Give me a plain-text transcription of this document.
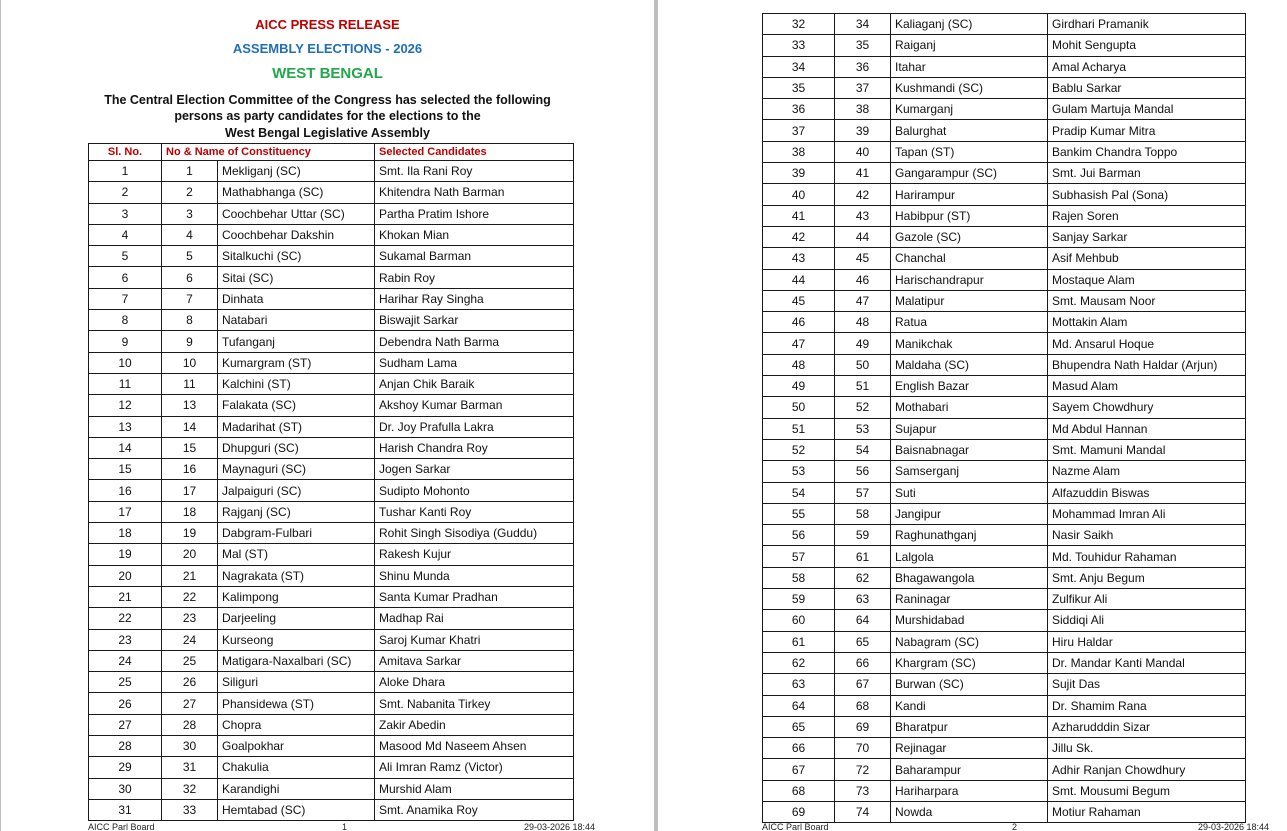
AICC PRESS RELEASE
ASSEMBLY ELECTIONS - 2026
WEST BENGAL
The Central Election Committee of the Congress has selected the following
persons as party candidates for the elections to the
West Bengal Legislative Assembly
Sl. No.	No & Name of Constituency		Selected Candidates
1	1	Mekliganj (SC)	Smt. Ila Rani Roy
2	2	Mathabhanga (SC)	Khitendra Nath Barman
3	3	Coochbehar Uttar (SC)	Partha Pratim Ishore
4	4	Coochbehar Dakshin	Khokan Mian
5	5	Sitalkuchi (SC)	Sukamal Barman
6	6	Sitai (SC)	Rabin Roy
7	7	Dinhata	Harihar Ray Singha
8	8	Natabari	Biswajit Sarkar
9	9	Tufanganj	Debendra Nath Barma
10	10	Kumargram (ST)	Sudham Lama
11	11	Kalchini (ST)	Anjan Chik Baraik
12	13	Falakata (SC)	Akshoy Kumar Barman
13	14	Madarihat (ST)	Dr. Joy Prafulla Lakra
14	15	Dhupguri (SC)	Harish Chandra Roy
15	16	Maynaguri (SC)	Jogen Sarkar
16	17	Jalpaiguri (SC)	Sudipto Mohonto
17	18	Rajganj (SC)	Tushar Kanti Roy
18	19	Dabgram-Fulbari	Rohit Singh Sisodiya (Guddu)
19	20	Mal (ST)	Rakesh Kujur
20	21	Nagrakata (ST)	Shinu Munda
21	22	Kalimpong	Santa Kumar Pradhan
22	23	Darjeeling	Madhap Rai
23	24	Kurseong	Saroj Kumar Khatri
24	25	Matigara-Naxalbari (SC)	Amitava Sarkar
25	26	Siliguri	Aloke Dhara
26	27	Phansidewa (ST)	Smt. Nabanita Tirkey
27	28	Chopra	Zakir Abedin
28	30	Goalpokhar	Masood Md Naseem Ahsen
29	31	Chakulia	Ali Imran Ramz (Victor)
30	32	Karandighi	Murshid Alam
31	33	Hemtabad (SC)	Smt. Anamika Roy
AICC Parl Board	1	29-03-2026 18:44
32	34	Kaliaganj (SC)	Girdhari Pramanik
33	35	Raiganj	Mohit Sengupta
34	36	Itahar	Amal Acharya
35	37	Kushmandi (SC)	Bablu Sarkar
36	38	Kumarganj	Gulam Martuja Mandal
37	39	Balurghat	Pradip Kumar Mitra
38	40	Tapan (ST)	Bankim Chandra Toppo
39	41	Gangarampur (SC)	Smt. Jui Barman
40	42	Harirampur	Subhasish Pal (Sona)
41	43	Habibpur (ST)	Rajen Soren
42	44	Gazole (SC)	Sanjay Sarkar
43	45	Chanchal	Asif Mehbub
44	46	Harischandrapur	Mostaque Alam
45	47	Malatipur	Smt. Mausam Noor
46	48	Ratua	Mottakin Alam
47	49	Manikchak	Md. Ansarul Hoque
48	50	Maldaha (SC)	Bhupendra Nath Haldar (Arjun)
49	51	English Bazar	Masud Alam
50	52	Mothabari	Sayem Chowdhury
51	53	Sujapur	Md Abdul Hannan
52	54	Baisnabnagar	Smt. Mamuni Mandal
53	56	Samserganj	Nazme Alam
54	57	Suti	Alfazuddin Biswas
55	58	Jangipur	Mohammad Imran Ali
56	59	Raghunathganj	Nasir Saikh
57	61	Lalgola	Md. Touhidur Rahaman
58	62	Bhagawangola	Smt. Anju Begum
59	63	Raninagar	Zulfikur Ali
60	64	Murshidabad	Siddiqi Ali
61	65	Nabagram (SC)	Hiru Haldar
62	66	Khargram (SC)	Dr. Mandar Kanti Mandal
63	67	Burwan (SC)	Sujit Das
64	68	Kandi	Dr. Shamim Rana
65	69	Bharatpur	Azharudddin Sizar
66	70	Rejinagar	Jillu Sk.
67	72	Baharampur	Adhir Ranjan Chowdhury
68	73	Hariharpara	Smt. Mousumi Begum
69	74	Nowda	Motiur Rahaman
AICC Parl Board	2	29-03-2026 18:44
